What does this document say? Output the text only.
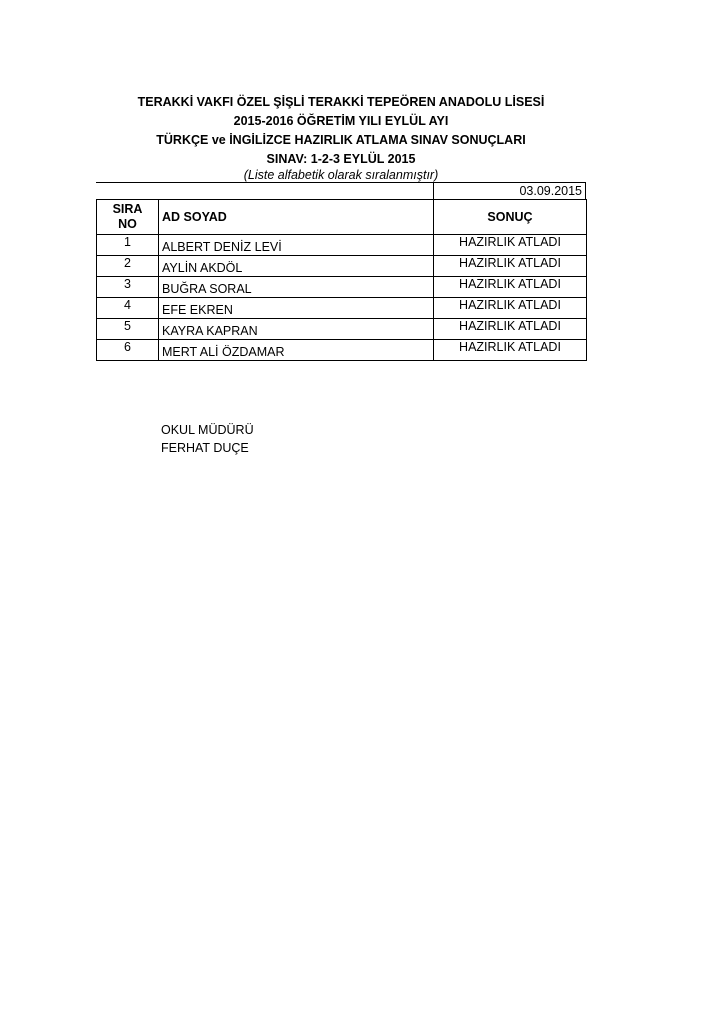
TERAKKİ VAKFI ÖZEL ŞİŞLİ TERAKKİ TEPEÖREN ANADOLU LİSESİ
2015-2016 ÖĞRETİM YILI EYLÜL AYI
TÜRKÇE ve İNGİLİZCE HAZIRLIK ATLAMA SINAV SONUÇLARI
SINAV: 1-2-3 EYLÜL 2015
(Liste alfabetik olarak sıralanmıştır)
03.09.2015
SIRA
NO	AD SOYAD	SONUÇ
1	ALBERT DENİZ LEVİ	HAZIRLIK ATLADI
2	AYLİN AKDÖL	HAZIRLIK ATLADI
3	BUĞRA SORAL	HAZIRLIK ATLADI
4	EFE EKREN	HAZIRLIK ATLADI
5	KAYRA KAPRAN	HAZIRLIK ATLADI
6	MERT ALİ ÖZDAMAR	HAZIRLIK ATLADI
OKUL MÜDÜRÜ
FERHAT DUÇE
